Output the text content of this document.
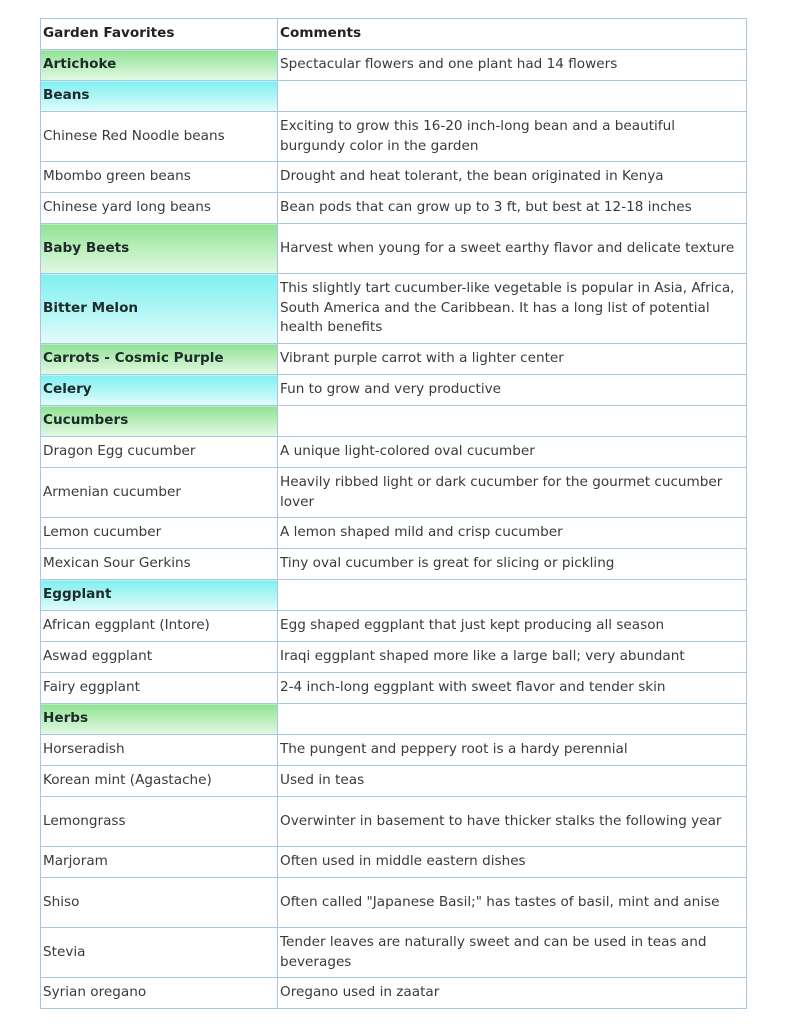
Garden Favorites	Comments
Artichoke	Spectacular flowers and one plant had 14 flowers
Beans	
Chinese Red Noodle beans	Exciting to grow this 16-20 inch-long bean and a beautiful burgundy color in the garden
Mbombo green beans	Drought and heat tolerant, the bean originated in Kenya
Chinese yard long beans	Bean pods that can grow up to 3 ft, but best at 12-18 inches
Baby Beets	Harvest when young for a sweet earthy flavor and delicate texture
Bitter Melon	This slightly tart cucumber-like vegetable is popular in Asia, Africa, South America and the Caribbean. It has a long list of potential health benefits
Carrots - Cosmic Purple	Vibrant purple carrot with a lighter center
Celery	Fun to grow and very productive
Cucumbers	
Dragon Egg cucumber	A unique light-colored oval cucumber
Armenian cucumber	Heavily ribbed light or dark cucumber for the gourmet cucumber lover
Lemon cucumber	A lemon shaped mild and crisp cucumber
Mexican Sour Gerkins	Tiny oval cucumber is great for slicing or pickling
Eggplant	
African eggplant (Intore)	Egg shaped eggplant that just kept producing all season
Aswad eggplant	Iraqi eggplant shaped more like a large ball; very abundant
Fairy eggplant	2-4 inch-long eggplant with sweet flavor and tender skin
Herbs	
Horseradish	The pungent and peppery root is a hardy perennial
Korean mint (Agastache)	Used in teas
Lemongrass	Overwinter in basement to have thicker stalks the following year
Marjoram	Often used in middle eastern dishes
Shiso	Often called "Japanese Basil;" has tastes of basil, mint and anise
Stevia	Tender leaves are naturally sweet and can be used in teas and beverages
Syrian oregano	Oregano used in zaatar
